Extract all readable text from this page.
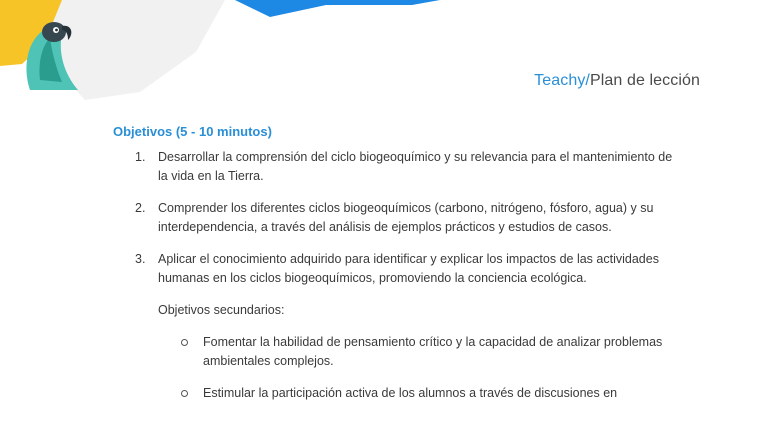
Teachy/Plan de lección
Objetivos (5 - 10 minutos)
1. Desarrollar la comprensión del ciclo biogeoquímico y su relevancia para el mantenimiento de la vida en la Tierra.
2. Comprender los diferentes ciclos biogeoquímicos (carbono, nitrógeno, fósforo, agua) y su interdependencia, a través del análisis de ejemplos prácticos y estudios de casos.
3. Aplicar el conocimiento adquirido para identificar y explicar los impactos de las actividades humanas en los ciclos biogeoquímicos, promoviendo la conciencia ecológica.
Objetivos secundarios:
Fomentar la habilidad de pensamiento crítico y la capacidad de analizar problemas ambientales complejos.
Estimular la participación activa de los alumnos a través de discusiones en
